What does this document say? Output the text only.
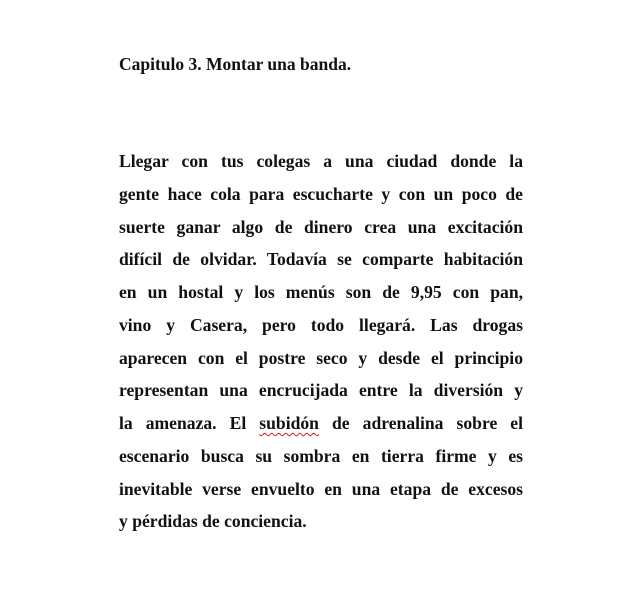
Capitulo 3. Montar una banda.

Llegar con tus colegas a una ciudad donde la
gente hace cola para escucharte y con un poco de
suerte ganar algo de dinero crea una excitación
difícil de olvidar. Todavía se comparte habitación
en un hostal y los menús son de 9,95 con pan,
vino y Casera, pero todo llegará. Las drogas
aparecen con el postre seco y desde el principio
representan una encrucijada entre la diversión y
la amenaza. El subidón de adrenalina sobre el
escenario busca su sombra en tierra firme y es
inevitable verse envuelto en una etapa de excesos
y pérdidas de conciencia.
